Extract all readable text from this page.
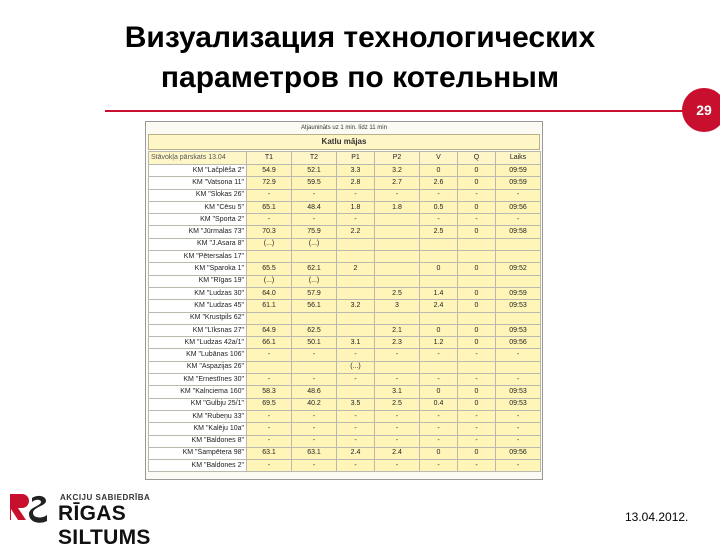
Визуализация технологических
параметров по котельным
29
Atjaunināts uz 1 min. līdz 11 min
Katlu mājas
Stāvokļa pārskats 13.04	T1	T2	P1	P2	V	Q	Laiks
KM "Lačplēša 2"	54.9	52.1	3.3	3.2	0	0	09:59
KM "Vatsona 11"	72.9	59.5	2.8	2.7	2.6	0	09:59
KM "Slokas 26"	-	-	-	-	-	-	-
KM "Cēsu 5"	65.1	48.4	1.8	1.8	0.5	0	09:56
KM "Sporta 2"	-	-	-		-	-	-
KM "Jūrmalas 73"	70.3	75.9	2.2		2.5	0	09:58
KM "J.Asara 8"	(...)	(...)					
KM "Pētersalas 17"							
KM "Sparoka 1"	65.5	62.1	2		0	0	09:52
KM "Rīgas 19"	(...)	(...)					
KM "Ludzas 30"	64.0	57.9		2.5	1.4	0	09:59
KM "Ludzas 45"	61.1	56.1	3.2	3	2.4	0	09:53
KM "Krustpils 62"							
KM "Līksnas 27"	64.9	62.5		2.1	0	0	09:53
KM "Ludzas 42a/1"	66.1	50.1	3.1	2.3	1.2	0	09:56
KM "Lubānas 106"	-	-	-	-	-	-	-
KM "Aspazijas 26"			(...)				
KM "Ernestīnes 30"	-	-	-	-	-	-	-
KM "Kalnciema 160"	58.3	48.6		3.1	0	0	09:53
KM "Gulbju 25/1"	69.5	40.2	3.5	2.5	0.4	0	09:53
KM "Rubeņu 33"	-	-	-	-	-	-	-
KM "Kalēju 10a"	-	-	-	-	-	-	-
KM "Baldones 8"	-	-	-	-	-	-	-
KM "Šampētera 98"	63.1	63.1	2.4	2.4	0	0	09:56
KM "Baldones 2"	-	-	-	-	-	-	-
AKCIJU SABIEDRĪBA
RĪGAS SILTUMS
13.04.2012.
